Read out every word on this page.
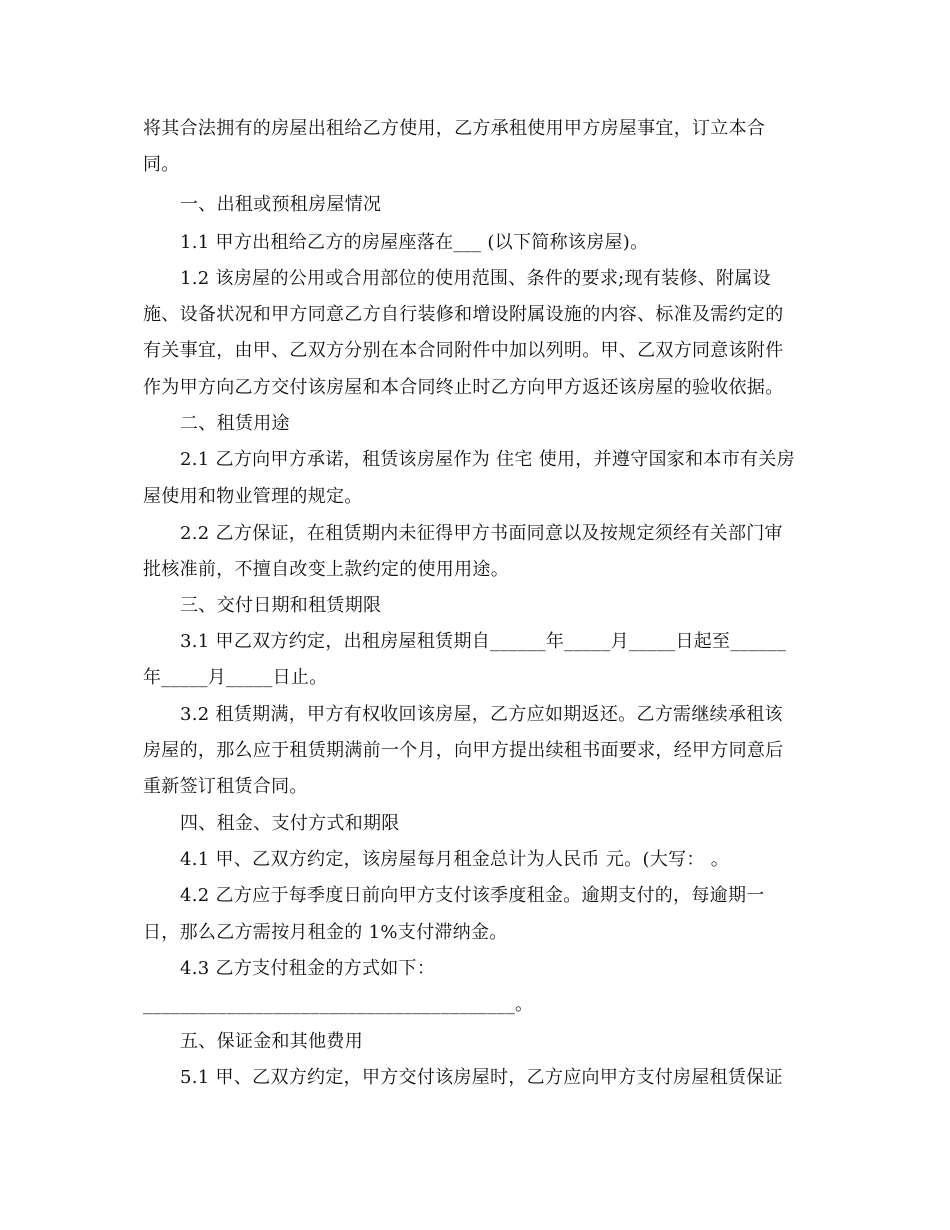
将其合法拥有的房屋出租给乙方使用，乙方承租使用甲方房屋事宜，订立本合
同。
一、出租或预租房屋情况
1.1 甲方出租给乙方的房屋座落在___ (以下简称该房屋)。
1.2 该房屋的公用或合用部位的使用范围、条件的要求;现有装修、附属设
施、设备状况和甲方同意乙方自行装修和增设附属设施的内容、标准及需约定的
有关事宜，由甲、乙双方分别在本合同附件中加以列明。甲、乙双方同意该附件
作为甲方向乙方交付该房屋和本合同终止时乙方向甲方返还该房屋的验收依据。
二、租赁用途
2.1 乙方向甲方承诺，租赁该房屋作为 住宅 使用，并遵守国家和本市有关房
屋使用和物业管理的规定。
2.2 乙方保证，在租赁期内未征得甲方书面同意以及按规定须经有关部门审
批核准前，不擅自改变上款约定的使用用途。
三、交付日期和租赁期限
3.1 甲乙双方约定，出租房屋租赁期自______年_____月_____日起至______
年_____月_____日止。
3.2 租赁期满，甲方有权收回该房屋，乙方应如期返还。乙方需继续承租该
房屋的，那么应于租赁期满前一个月，向甲方提出续租书面要求，经甲方同意后
重新签订租赁合同。
四、租金、支付方式和期限
4.1 甲、乙双方约定，该房屋每月租金总计为人民币 元。(大写： 。
4.2 乙方应于每季度日前向甲方支付该季度租金。逾期支付的，每逾期一
日，那么乙方需按月租金的 1%支付滞纳金。
4.3 乙方支付租金的方式如下：
________________________________________。
五、保证金和其他费用
5.1 甲、乙双方约定，甲方交付该房屋时，乙方应向甲方支付房屋租赁保证
